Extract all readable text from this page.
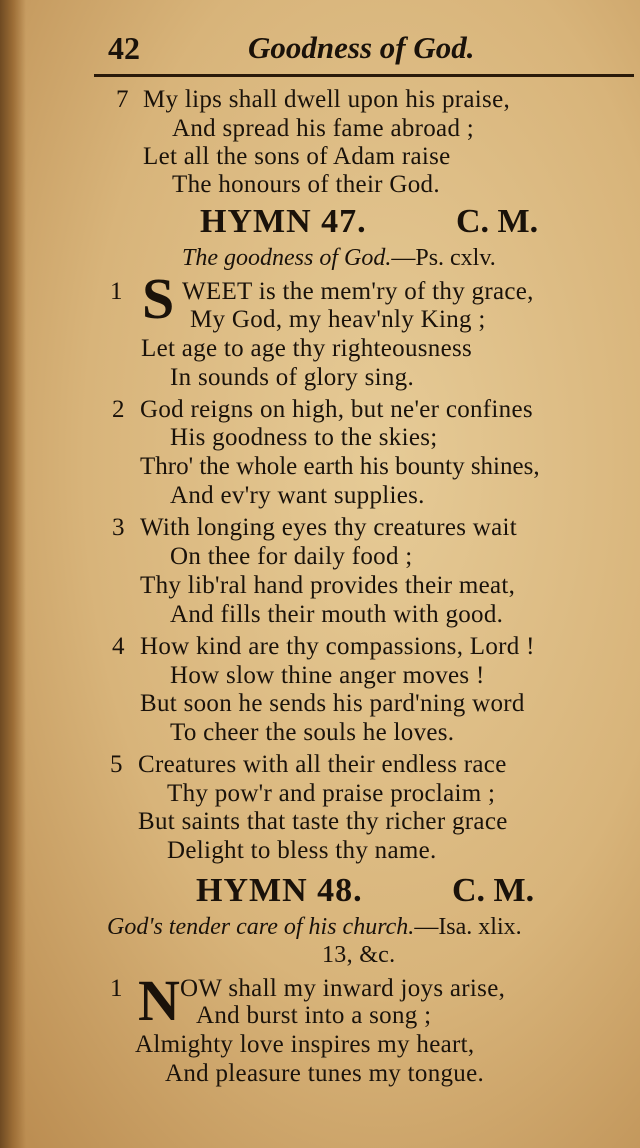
42	Goodness of God.
7 My lips shall dwell upon his praise,
And spread his fame abroad ;
Let all the sons of Adam raise
The honours of their God.
HYMN 47.	C. M.
The goodness of God.—Ps. cxlv.
1 S WEET is the mem'ry of thy grace,
My God, my heav'nly King ;
Let age to age thy righteousness
In sounds of glory sing.
2 God reigns on high, but ne'er confines
His goodness to the skies;
Thro' the whole earth his bounty shines,
And ev'ry want supplies.
3 With longing eyes thy creatures wait
On thee for daily food ;
Thy lib'ral hand provides their meat,
And fills their mouth with good.
4 How kind are thy compassions, Lord !
How slow thine anger moves !
But soon he sends his pard'ning word
To cheer the souls he loves.
5 Creatures with all their endless race
Thy pow'r and praise proclaim ;
But saints that taste thy richer grace
Delight to bless thy name.
HYMN 48.	C. M.
God's tender care of his church.—Isa. xlix.
13, &c.
1 N OW shall my inward joys arise,
And burst into a song ;
Almighty love inspires my heart,
And pleasure tunes my tongue.
